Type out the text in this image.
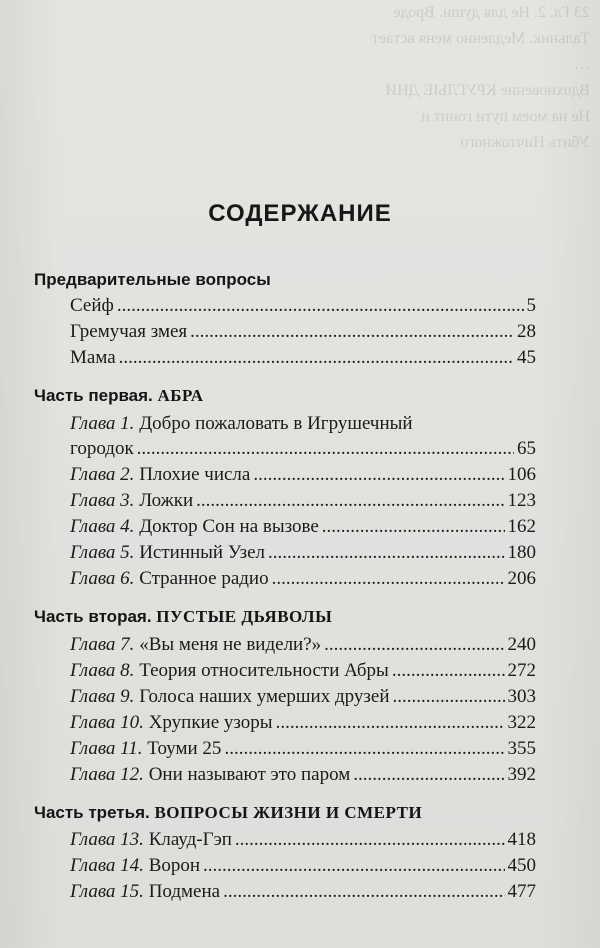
23 Гл. 2. Не для души. Вроде
Тальник. Медленно меня встает
…
Вдохновение КРУГЛЫЕ ДНИ
Не на моем пути гонит и
Убить Ничтожного
СОДЕРЖАНИЕ
Предварительные вопросы
Сейф .....	5
Гремучая змея .....	28
Мама .....	45
Часть первая. АБРА
Глава 1. Добро пожаловать в Игрушечный
городок .....	65
Глава 2. Плохие числа .....	106
Глава 3. Ложки .....	123
Глава 4. Доктор Сон на вызове .....	162
Глава 5. Истинный Узел .....	180
Глава 6. Странное радио .....	206
Часть вторая. ПУСТЫЕ ДЬЯВОЛЫ
Глава 7. «Вы меня не видели?» .....	240
Глава 8. Теория относительности Абры .....	272
Глава 9. Голоса наших умерших друзей .....	303
Глава 10. Хрупкие узоры .....	322
Глава 11. Тоуми 25 .....	355
Глава 12. Они называют это паром .....	392
Часть третья. ВОПРОСЫ ЖИЗНИ И СМЕРТИ
Глава 13. Клауд-Гэп .....	418
Глава 14. Ворон .....	450
Глава 15. Подмена .....	477
